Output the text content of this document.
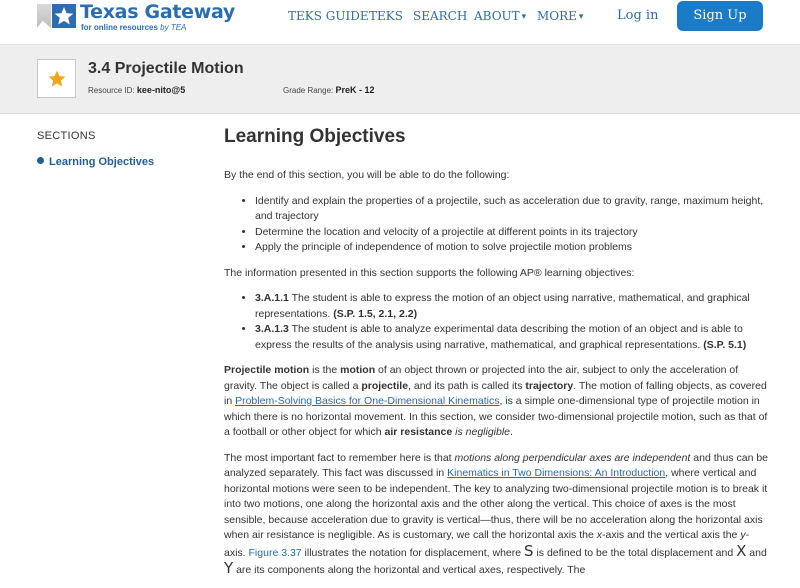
Texas Gateway
for online resources by TEA
TEKS GUIDE TEKS SEARCH ABOUT ▾ MORE ▾	Log in	Sign Up
3.4 Projectile Motion
Resource ID: kee-nito@5	Grade Range: PreK - 12
SECTIONS
Learning Objectives
Learning Objectives

By the end of this section, you will be able to do the following:

• Identify and explain the properties of a projectile, such as acceleration due to gravity, range, maximum height, and trajectory
• Determine the location and velocity of a projectile at different points in its trajectory
• Apply the principle of independence of motion to solve projectile motion problems

The information presented in this section supports the following AP® learning objectives:

• 3.A.1.1 The student is able to express the motion of an object using narrative, mathematical, and graphical representations. (S.P. 1.5, 2.1, 2.2)
• 3.A.1.3 The student is able to analyze experimental data describing the motion of an object and is able to express the results of the analysis using narrative, mathematical, and graphical representations. (S.P. 5.1)

Projectile motion is the motion of an object thrown or projected into the air, subject to only the acceleration of gravity. The object is called a projectile, and its path is called its trajectory. The motion of falling objects, as covered in Problem-Solving Basics for One-Dimensional Kinematics, is a simple one-dimensional type of projectile motion in which there is no horizontal movement. In this section, we consider two-dimensional projectile motion, such as that of a football or other object for which air resistance is negligible.

The most important fact to remember here is that motions along perpendicular axes are independent and thus can be analyzed separately. This fact was discussed in Kinematics in Two Dimensions: An Introduction, where vertical and horizontal motions were seen to be independent. The key to analyzing two-dimensional projectile motion is to break it into two motions, one along the horizontal axis and the other along the vertical. This choice of axes is the most sensible, because acceleration due to gravity is vertical—thus, there will be no acceleration along the horizontal axis when air resistance is negligible. As is customary, we call the horizontal axis the x-axis and the vertical axis the y-axis. Figure 3.37 illustrates the notation for displacement, where S is defined to be the total displacement and X and Y are its components along the horizontal and vertical axes, respectively. The
